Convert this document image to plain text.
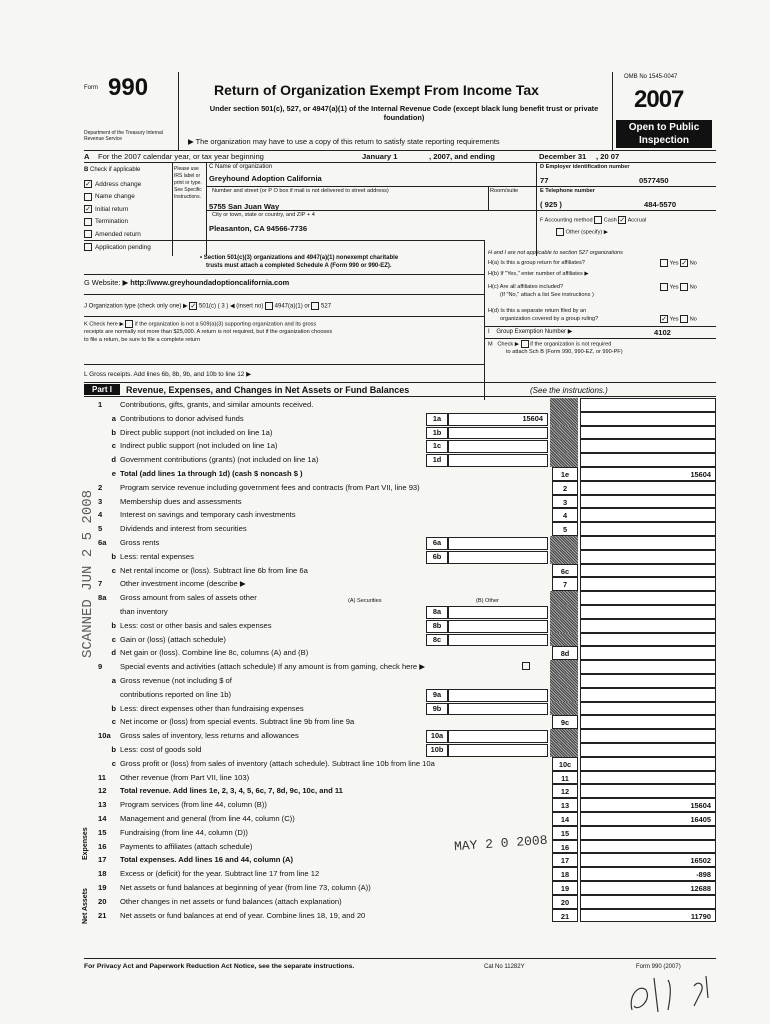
Form 990
Department of the Treasury Internal Revenue Service
Return of Organization Exempt From Income Tax
Under section 501(c), 527, or 4947(a)(1) of the Internal Revenue Code (except black lung benefit trust or private foundation)
▶ The organization may have to use a copy of this return to satisfy state reporting requirements
OMB No 1545-0047
2007
Open to Public Inspection
A For the 2007 calendar year, or tax year beginning	January 1	, 2007, and ending	December 31 , 20 07
B Check if applicable
✓ Address change
Name change
✓ Initial return
Termination
Amended return
Application pending
Please use IRS label or print or type. See Specific Instructions.
C Name of organization
Greyhound Adoption California
Number and street (or P O box if mail is not delivered to street address)	Room/suite
5755 San Juan Way
City or town, state or country, and ZIP + 4
Pleasanton, CA 94566-7736
D Employer identification number
77	0577450
E Telephone number
( 925 )	484-5570
F Accounting method Cash ✓ Accrual
Other (specify) ▶
• Section 501(c)(3) organizations and 4947(a)(1) nonexempt charitable
trusts must attach a completed Schedule A (Form 990 or 990-EZ).
H and I are not applicable to section 527 organizations
H(a) Is this a group return for affiliates?	Yes ✓ No
H(b) If "Yes," enter number of affiliates ▶
H(c) Are all affiliates included?	Yes No
(If "No," attach a list See instructions )
H(d) Is this a separate return filed by an
organization covered by a group ruling?	✓ Yes No
I Group Exemption Number ▶	4102
M Check ▶ if the organization is not required
to attach Sch B (Form 990, 990-EZ, or 990-PF)
G Website: ▶ http://www.greyhoundadoptioncalifornia.com
J Organization type (check only one) ▶ ✓ 501(c) ( 3 ) ◀ (insert no) 4947(a)(1) or 527
K Check here ▶ if the organization is not a 509(a)(3) supporting organization and its gross
receipts are normally not more than $25,000. A return is not required, but if the organization chooses
to file a return, be sure to file a complete return
L Gross receipts. Add lines 6b, 8b, 9b, and 10b to line 12 ▶
Part I	Revenue, Expenses, and Changes in Net Assets or Fund Balances	(See the instructions.)
1 Contributions, gifts, grants, and similar amounts received.
a Contributions to donor advised funds	1a	15604
b Direct public support (not included on line 1a)	1b
c Indirect public support (not included on line 1a)	1c
d Government contributions (grants) (not included on line 1a)	1d
e Total (add lines 1a through 1d) (cash $ noncash $ )	1e	15604
2 Program service revenue including government fees and contracts (from Part VII, line 93)	2
3 Membership dues and assessments	3
4 Interest on savings and temporary cash investments	4
5 Dividends and interest from securities	5
6a Gross rents	6a
b Less: rental expenses	6b
c Net rental income or (loss). Subtract line 6b from line 6a	6c
7 Other investment income (describe ▶	7
8a Gross amount from sales of assets other
than inventory	8a
b Less: cost or other basis and sales expenses	8b
c Gain or (loss) (attach schedule)	8c
d Net gain or (loss). Combine line 8c, columns (A) and (B)	8d
9 Special events and activities (attach schedule) If any amount is from gaming, check here ▶
a Gross revenue (not including $ of
contributions reported on line 1b)	9a
b Less: direct expenses other than fundraising expenses	9b
c Net income or (loss) from special events. Subtract line 9b from line 9a	9c
10a Gross sales of inventory, less returns and allowances	10a
b Less: cost of goods sold	10b
c Gross profit or (loss) from sales of inventory (attach schedule). Subtract line 10b from line 10a	10c
11 Other revenue (from Part VII, line 103)	11
12 Total revenue. Add lines 1e, 2, 3, 4, 5, 6c, 7, 8d, 9c, 10c, and 11	12
13 Program services (from line 44, column (B))	13	15604
14 Management and general (from line 44, column (C))	14	16405
15 Fundraising (from line 44, column (D))	15
16 Payments to affiliates (attach schedule)	16
17 Total expenses. Add lines 16 and 44, column (A)	17	16502
18 Excess or (deficit) for the year. Subtract line 17 from line 12	18	-898
19 Net assets or fund balances at beginning of year (from line 73, column (A))	19	12688
20 Other changes in net assets or fund balances (attach explanation)	20
21 Net assets or fund balances at end of year. Combine lines 18, 19, and 20	21	11790
(A) Securities	(B) Other
Expenses
Net Assets
SCANNED JUN 2 5 2008
MAY 2 0 2008
For Privacy Act and Paperwork Reduction Act Notice, see the separate instructions.	Cat No 11282Y	Form 990 (2007)
